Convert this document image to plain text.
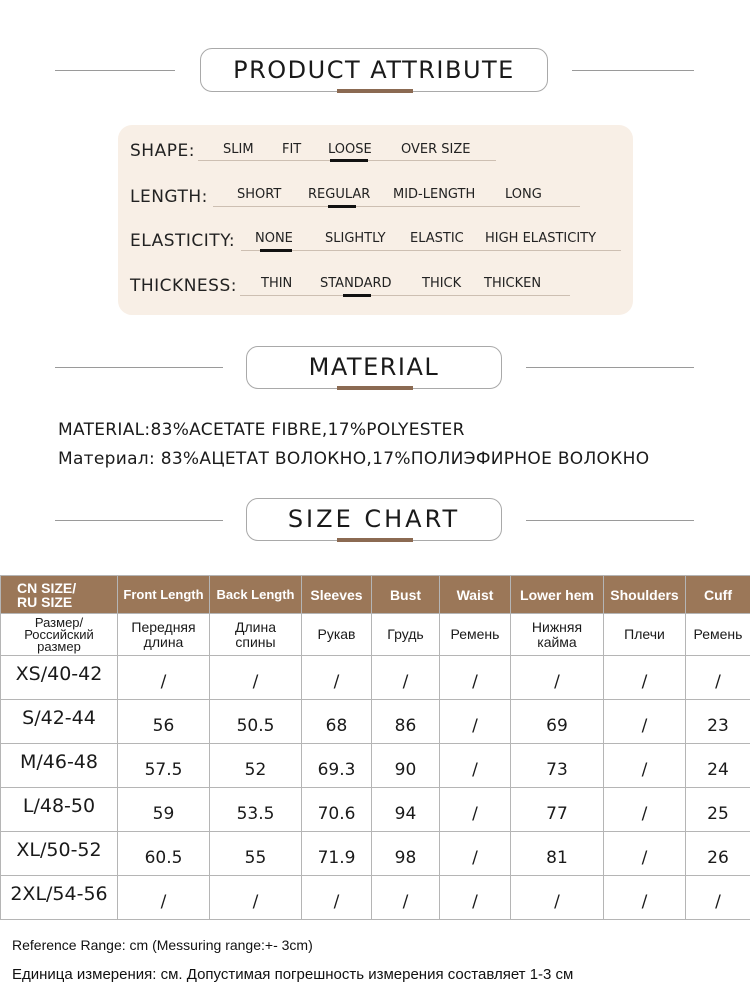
PRODUCT ATTRIBUTE
SHAPE: SLIM FIT LOOSE OVER SIZE
LENGTH: SHORT REGULAR MID-LENGTH LONG
ELASTICITY: NONE SLIGHTLY ELASTIC HIGH ELASTICITY
THICKNESS: THIN STANDARD THICK THICKEN
MATERIAL
MATERIAL:83%ACETATE FIBRE,17%POLYESTER
Материал: 83%АЦЕТАТ ВОЛОКНО,17%ПОЛИЭФИРНОЕ ВОЛОКНО
SIZE CHART
CN SIZE/
RU SIZE	Front Length	Back Length	Sleeves	Bust	Waist	Lower hem	Shoulders	Cuff
Размер/
Российский
размер	Передняя
длина	Длина
спины	Рукав	Грудь	Ремень	Нижняя
кайма	Плечи	Ремень
XS/40-42	/	/	/	/	/	/	/	/
S/42-44	56	50.5	68	86	/	69	/	23
M/46-48	57.5	52	69.3	90	/	73	/	24
L/48-50	59	53.5	70.6	94	/	77	/	25
XL/50-52	60.5	55	71.9	98	/	81	/	26
2XL/54-56	/	/	/	/	/	/	/	/
Reference Range: cm (Messuring range:+- 3cm)
Единица измерения: см. Допустимая погрешность измерения составляет 1-3 см
